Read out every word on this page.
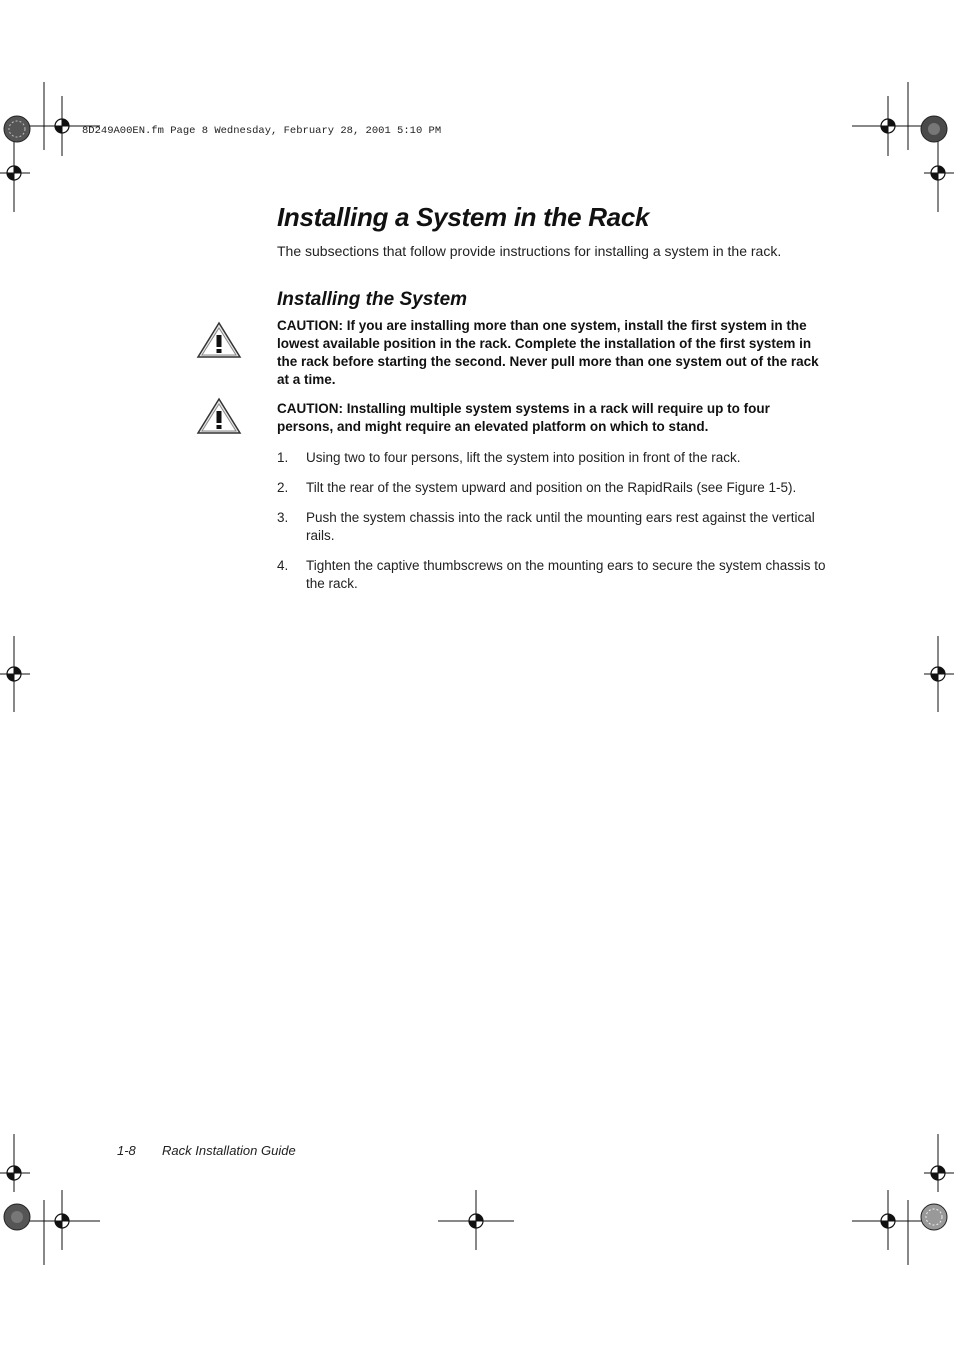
8D249A00EN.fm Page 8 Wednesday, February 28, 2001 5:10 PM
Installing a System in the Rack

The subsections that follow provide instructions for installing a system in the rack.

Installing the System

CAUTION: If you are installing more than one system, install the first system in the lowest available position in the rack. Complete the installation of the first system in the rack before starting the second. Never pull more than one system out of the rack at a time.

CAUTION: Installing multiple system systems in a rack will require up to four persons, and might require an elevated platform on which to stand.

1. Using two to four persons, lift the system into position in front of the rack.
2. Tilt the rear of the system upward and position on the RapidRails (see Figure 1-5).
3. Push the system chassis into the rack until the mounting ears rest against the vertical rails.
4. Tighten the captive thumbscrews on the mounting ears to secure the system chassis to the rack.
1-8 Rack Installation Guide
